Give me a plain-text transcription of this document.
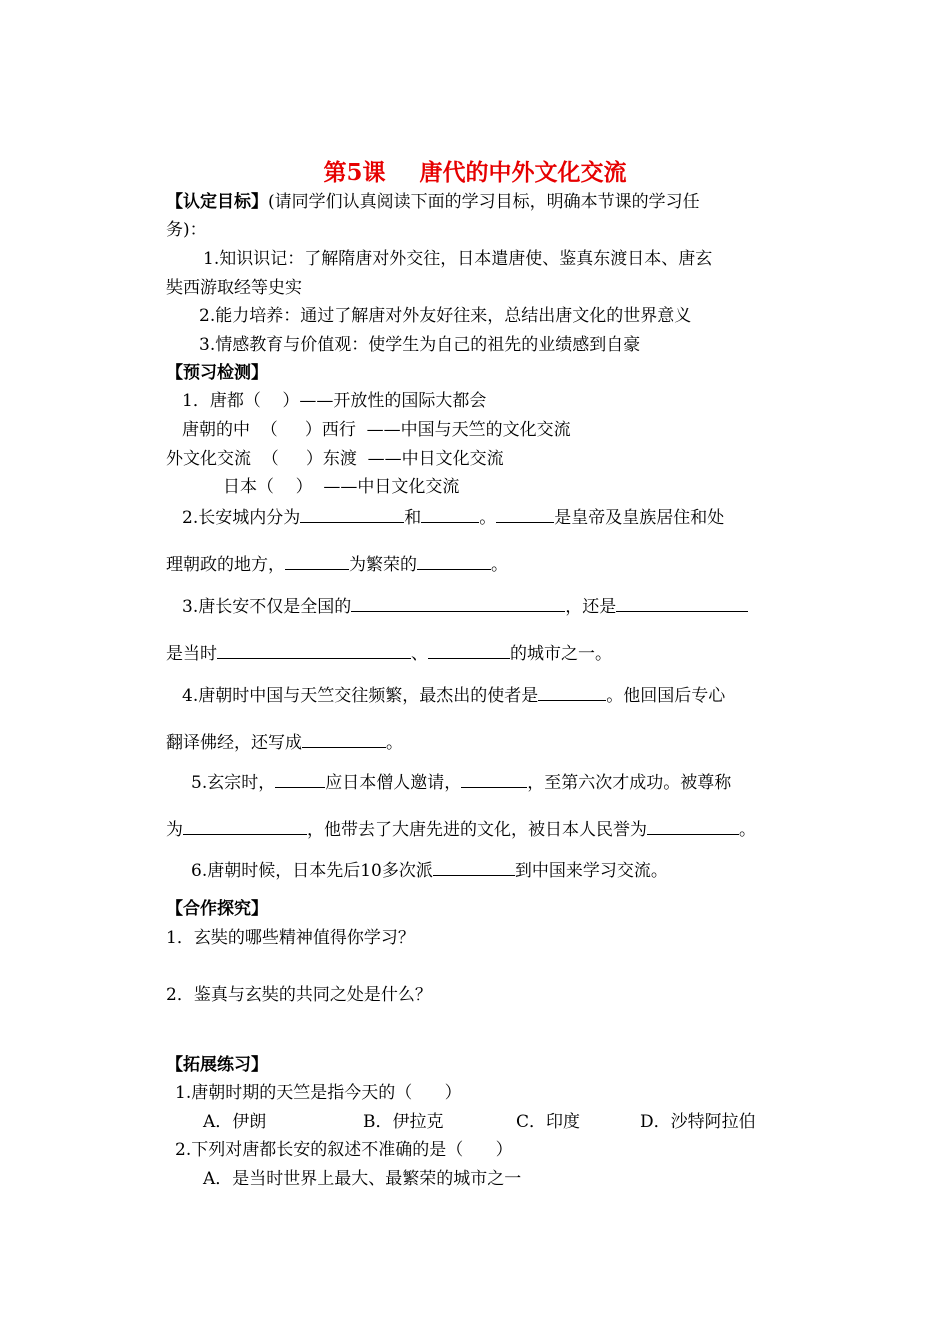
第5课 唐代的中外文化交流
【认定目标】(请同学们认真阅读下面的学习目标，明确本节课的学习任
务)：
1.知识识记：了解隋唐对外交往，日本遣唐使、鉴真东渡日本、唐玄
奘西游取经等史实
2.能力培养：通过了解唐对外友好往来，总结出唐文化的世界意义
3.情感教育与价值观：使学生为自己的祖先的业绩感到自豪
【预习检测】
1．唐都（    ）——开放性的国际大都会
唐朝的中  （     ）西行  ——中国与天竺的文化交流
外文化交流  （     ）东渡  ——中日文化交流
日本（    ）  ——中日文化交流
2.长安城内分为	和	。	是皇帝及皇族居住和处
理朝政的地方，	为繁荣的	。
3.唐长安不仅是全国的	，还是
是当时	、	的城市之一。
4.唐朝时中国与天竺交往频繁，最杰出的使者是	。他回国后专心
翻译佛经，还写成	。
5.玄宗时，	应日本僧人邀请，	，至第六次才成功。被尊称
为	，他带去了大唐先进的文化，被日本人民誉为	。
6.唐朝时候，日本先后10多次派	到中国来学习交流。
【合作探究】
1．玄奘的哪些精神值得你学习？
2．鉴真与玄奘的共同之处是什么？
【拓展练习】
1.唐朝时期的天竺是指今天的（      ）
A．伊朗	B．伊拉克	C．印度	D．沙特阿拉伯
2.下列对唐都长安的叙述不准确的是（      ）
A．是当时世界上最大、最繁荣的城市之一
